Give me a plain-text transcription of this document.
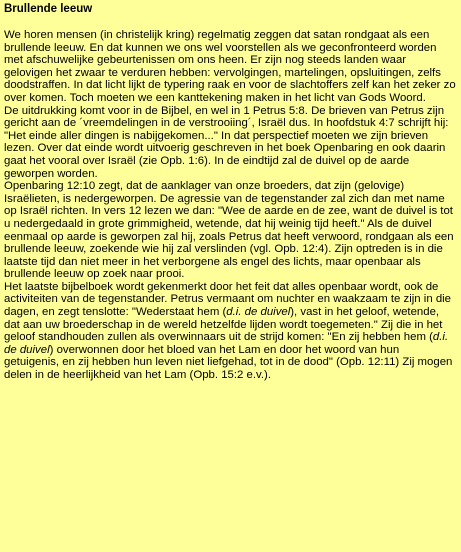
Brullende leeuw

We horen mensen (in christelijk kring) regelmatig zeggen dat satan rondgaat als een brullende leeuw. En dat kunnen we ons wel voorstellen als we geconfronteerd worden met afschuwelijke gebeurtenissen om ons heen. Er zijn nog steeds landen waar gelovigen het zwaar te verduren hebben: vervolgingen, martelingen, opsluitingen, zelfs doodstraffen. In dat licht lijkt de typering raak en voor de slachtoffers zelf kan het zeker zo over komen. Toch moeten we een kanttekening maken in het licht van Gods Woord.

De uitdrukking komt voor in de Bijbel, en wel in 1 Petrus 5:8. De brieven van Petrus zijn gericht aan de ´vreemdelingen in de verstrooiing´, Israël dus. In hoofdstuk 4:7 schrijft hij: "Het einde aller dingen is nabijgekomen..." In dat perspectief moeten we zijn brieven lezen. Over dat einde wordt uitvoerig geschreven in het boek Openbaring en ook daarin gaat het vooral over Israël (zie Opb. 1:6). In de eindtijd zal de duivel op de aarde geworpen worden.

Openbaring 12:10 zegt, dat de aanklager van onze broeders, dat zijn (gelovige) Israëlieten, is nedergeworpen. De agressie van de tegenstander zal zich dan met name op Israël richten. In vers 12 lezen we dan: "Wee de aarde en de zee, want de duivel is tot u nedergedaald in grote grimmigheid, wetende, dat hij weinig tijd heeft." Als de duivel eenmaal op aarde is geworpen zal hij, zoals Petrus dat heeft verwoord, rondgaan als een brullende leeuw, zoekende wie hij zal verslinden (vgl. Opb. 12:4). Zijn optreden is in die laatste tijd dan niet meer in het verborgene als engel des lichts, maar openbaar als brullende leeuw op zoek naar prooi.

Het laatste bijbelboek wordt gekenmerkt door het feit dat alles openbaar wordt, ook de activiteiten van de tegenstander. Petrus vermaant om nuchter en waakzaam te zijn in die dagen, en zegt tenslotte: "Wederstaat hem (d.i. de duivel), vast in het geloof, wetende, dat aan uw broederschap in de wereld hetzelfde lijden wordt toegemeten." Zij die in het geloof standhouden zullen als overwinnaars uit de strijd komen: "En zij hebben hem (d.i. de duivel) overwonnen door het bloed van het Lam en door het woord van hun getuigenis, en zij hebben hun leven niet liefgehad, tot in de dood" (Opb. 12:11) Zij mogen delen in de heerlijkheid van het Lam (Opb. 15:2 e.v.).
